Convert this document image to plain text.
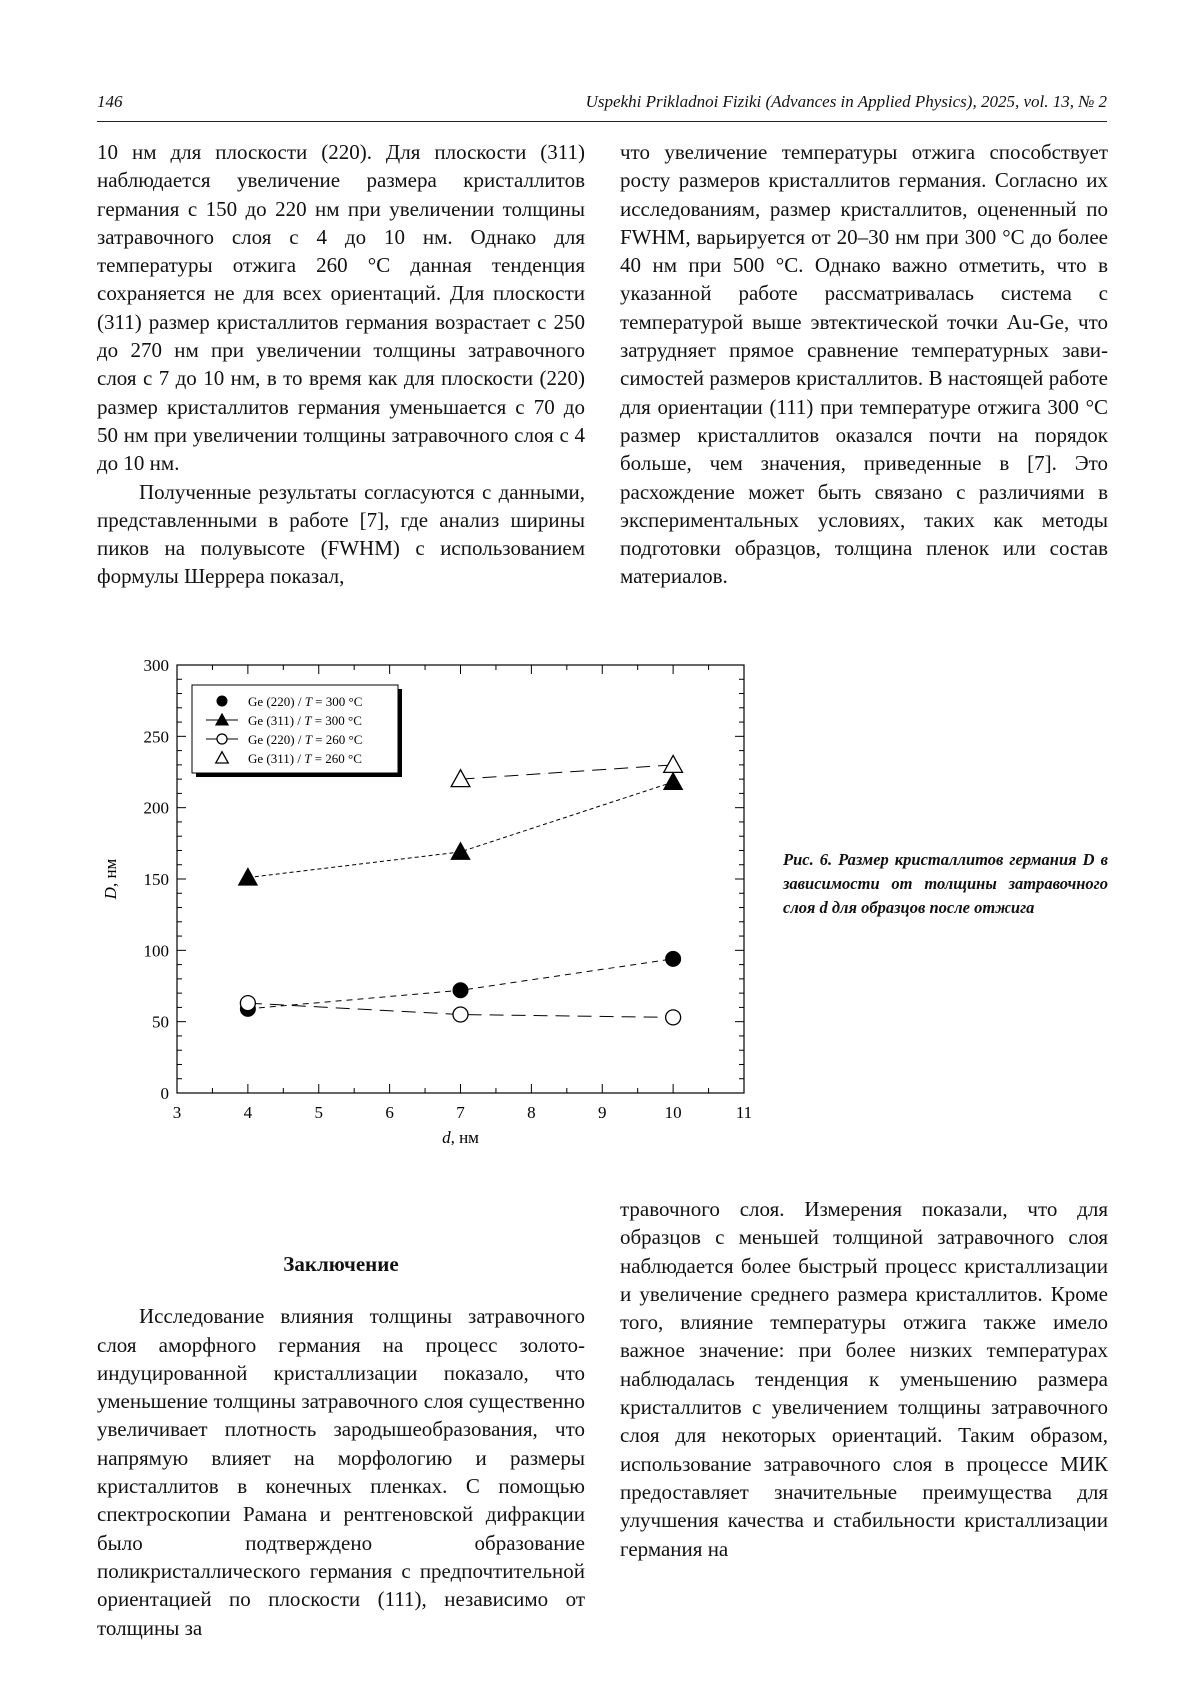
146	Uspekhi Prikladnoi Fiziki (Advances in Applied Physics), 2025, vol. 13, № 2

10 нм для плоскости (220). Для плоскости (311) наблюдается увеличение размера кристаллитов германия с 150 до 220 нм при увеличении толщины затравочного слоя с 4 до 10 нм. Однако для температуры отжига 260 °C данная тенденция сохраняется не для всех ориентаций. Для плоскости (311) размер кристаллитов германия возрастает с 250 до 270 нм при увеличении толщины затравочного слоя с 7 до 10 нм, в то время как для плоскости (220) размер кристаллитов германия уменьшается с 70 до 50 нм при увеличении толщины затравочного слоя с 4 до 10 нм.

Полученные результаты согласуются с данными, представленными в работе [7], где анализ ширины пиков на полувысоте (FWHM) с использованием формулы Шеррера показал,

что увеличение температуры отжига способствует росту размеров кристаллитов германия. Согласно их исследованиям, размер кристаллитов, оцененный по FWHM, варьируется от 20–30 нм при 300 °C до более 40 нм при 500 °C. Однако важно отметить, что в указанной работе рассматривалась система с температурой выше эвтектической точки Au-Ge, что затрудняет прямое сравнение температурных зависимостей размеров кристаллитов. В настоящей работе для ориентации (111) при температуре отжига 300 °C размер кристаллитов оказался почти на порядок больше, чем значения, приведенные в [7]. Это расхождение может быть связано с различиями в экспериментальных условиях, таких как методы подготовки образцов, толщина пленок или состав материалов.

3	4	5	6	7	8	9	10	11
0
50
100
150
200
250
300
d, нм
D, нм
Ge (220) / T = 300 °C
Ge (311) / T = 300 °C
Ge (220) / T = 260 °C
Ge (311) / T = 260 °C

Рис. 6. Размер кристаллитов германия D в зависимости от толщины затравочного слоя d для образцов после отжига

Заключение

Исследование влияния толщины затравочного слоя аморфного германия на процесс золото-индуцированной кристаллизации показало, что уменьшение толщины затравочного слоя существенно увеличивает плотность зародышеобразования, что напрямую влияет на морфологию и размеры кристаллитов в конечных пленках. С помощью спектроскопии Рамана и рентгеновской дифракции было подтверждено образование поликристаллического германия с предпочтительной ориентацией по плоскости (111), независимо от толщины за

травочного слоя. Измерения показали, что для образцов с меньшей толщиной затравочного слоя наблюдается более быстрый процесс кристаллизации и увеличение среднего размера кристаллитов. Кроме того, влияние температуры отжига также имело важное значение: при более низких температурах наблюдалась тенденция к уменьшению размера кристаллитов с увеличением толщины затравочного слоя для некоторых ориентаций. Таким образом, использование затравочного слоя в процессе МИК предоставляет значительные преимущества для улучшения качества и стабильности кристаллизации германия на
